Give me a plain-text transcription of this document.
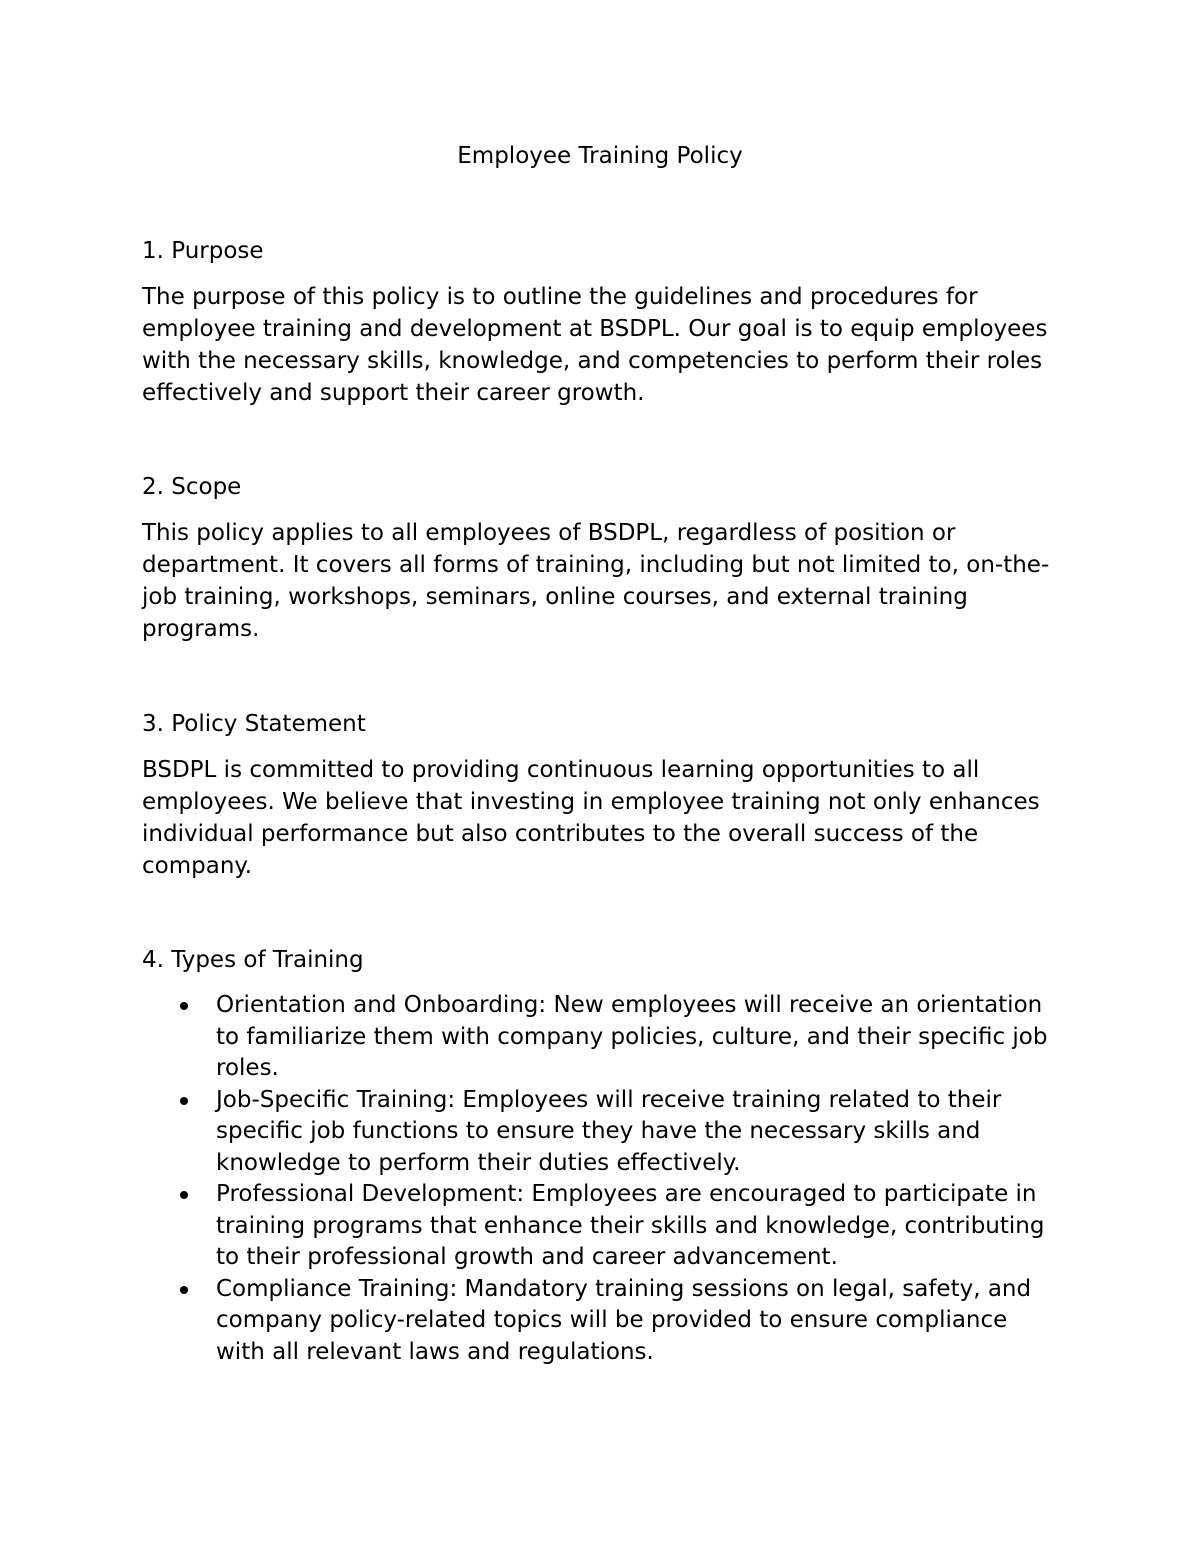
Employee Training Policy
1. Purpose

The purpose of this policy is to outline the guidelines and procedures for employee training and development at BSDPL. Our goal is to equip employees with the necessary skills, knowledge, and competencies to perform their roles effectively and support their career growth.

2. Scope

This policy applies to all employees of BSDPL, regardless of position or department. It covers all forms of training, including but not limited to, on-the-job training, workshops, seminars, online courses, and external training programs.

3. Policy Statement

BSDPL is committed to providing continuous learning opportunities to all employees. We believe that investing in employee training not only enhances individual performance but also contributes to the overall success of the company.

4. Types of Training
Orientation and Onboarding: New employees will receive an orientation to familiarize them with company policies, culture, and their specific job roles.
Job-Specific Training: Employees will receive training related to their specific job functions to ensure they have the necessary skills and knowledge to perform their duties effectively.
Professional Development: Employees are encouraged to participate in training programs that enhance their skills and knowledge, contributing to their professional growth and career advancement.
Compliance Training: Mandatory training sessions on legal, safety, and company policy-related topics will be provided to ensure compliance with all relevant laws and regulations.
